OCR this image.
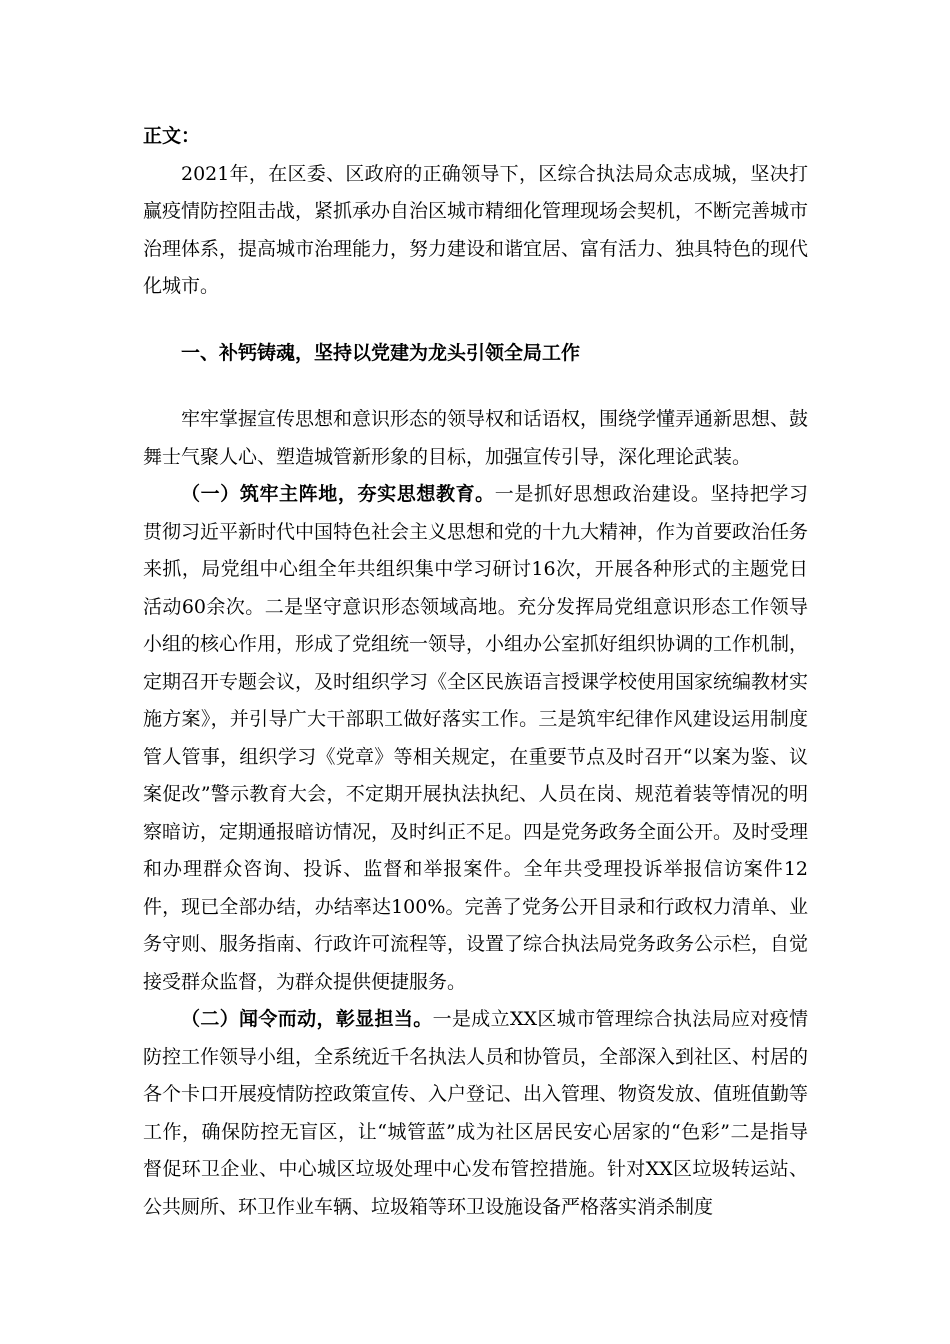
正文：

2021年，在区委、区政府的正确领导下，区综合执法局众志成城，坚决打赢疫情防控阻击战，紧抓承办自治区城市精细化管理现场会契机，不断完善城市治理体系，提高城市治理能力，努力建设和谐宜居、富有活力、独具特色的现代化城市。

一、补钙铸魂，坚持以党建为龙头引领全局工作

牢牢掌握宣传思想和意识形态的领导权和话语权，围绕学懂弄通新思想、鼓舞士气聚人心、塑造城管新形象的目标，加强宣传引导，深化理论武装。

（一）筑牢主阵地，夯实思想教育。一是抓好思想政治建设。坚持把学习贯彻习近平新时代中国特色社会主义思想和党的十九大精神，作为首要政治任务来抓，局党组中心组全年共组织集中学习研讨16次，开展各种形式的主题党日活动60余次。二是坚守意识形态领域高地。充分发挥局党组意识形态工作领导小组的核心作用，形成了党组统一领导，小组办公室抓好组织协调的工作机制，定期召开专题会议，及时组织学习《全区民族语言授课学校使用国家统编教材实施方案》，并引导广大干部职工做好落实工作。三是筑牢纪律作风建设运用制度管人管事，组织学习《党章》等相关规定，在重要节点及时召开“以案为鉴、议案促改”警示教育大会，不定期开展执法执纪、人员在岗、规范着装等情况的明察暗访，定期通报暗访情况，及时纠正不足。四是党务政务全面公开。及时受理和办理群众咨询、投诉、监督和举报案件。全年共受理投诉举报信访案件12件，现已全部办结，办结率达100%。完善了党务公开目录和行政权力清单、业务守则、服务指南、行政许可流程等，设置了综合执法局党务政务公示栏，自觉接受群众监督，为群众提供便捷服务。

（二）闻令而动，彰显担当。一是成立XX区城市管理综合执法局应对疫情防控工作领导小组，全系统近千名执法人员和协管员，全部深入到社区、村居的各个卡口开展疫情防控政策宣传、入户登记、出入管理、物资发放、值班值勤等工作，确保防控无盲区，让“城管蓝”成为社区居民安心居家的“色彩”二是指导督促环卫企业、中心城区垃圾处理中心发布管控措施。针对XX区垃圾转运站、公共厕所、环卫作业车辆、垃圾箱等环卫设施设备严格落实消杀制度
